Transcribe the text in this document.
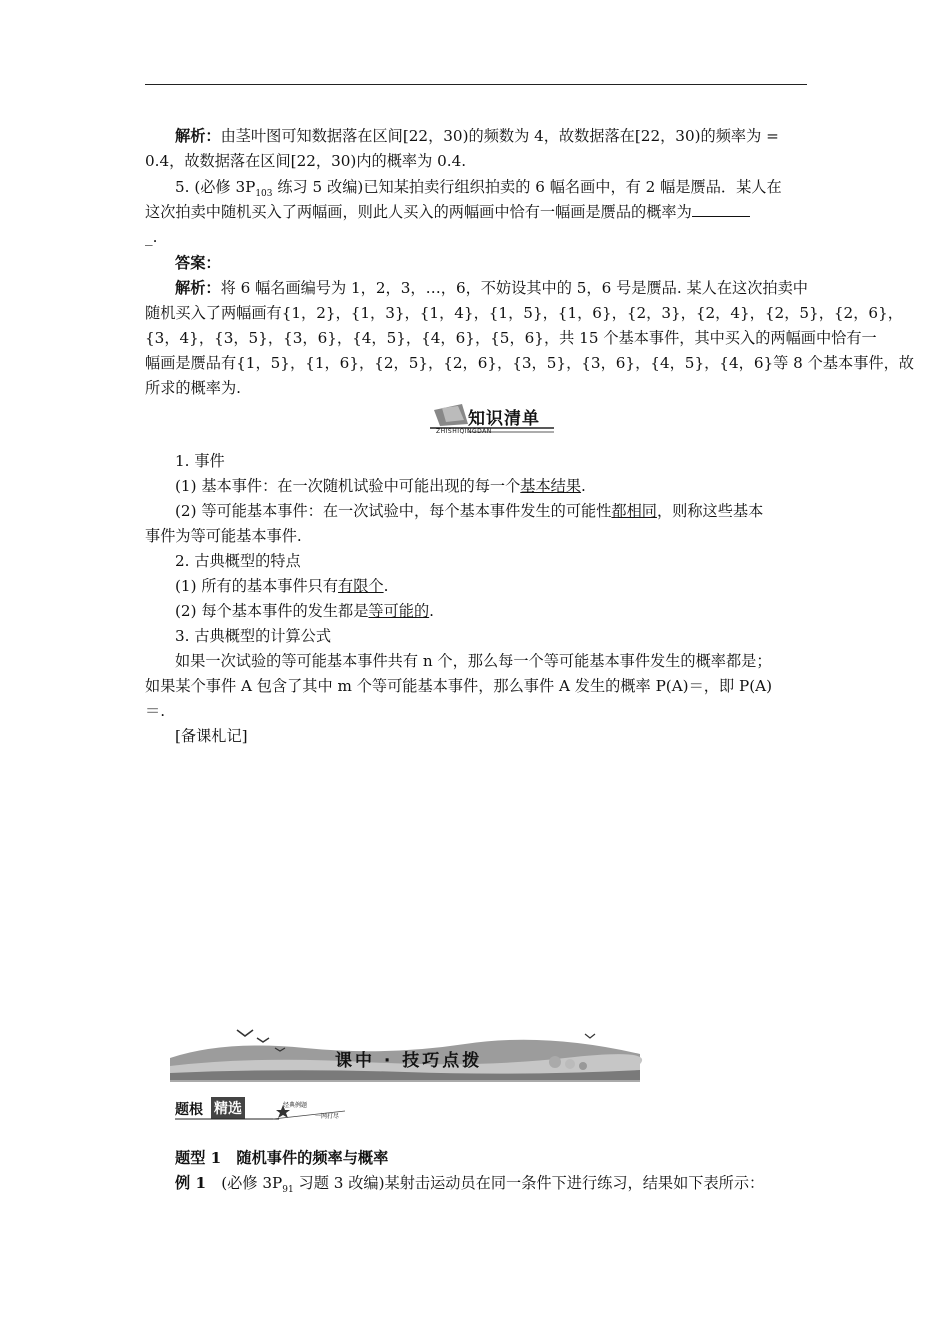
解析：由茎叶图可知数据落在区间[22，30)的频数为 4，故数据落在[22，30)的频率为 =
0.4，故数据落在区间[22，30)内的概率为 0.4.
5. (必修 $3P_{103}$ 练习 5 改编)已知某拍卖行组织拍卖的 6 幅名画中，有 2 幅是赝品．某人在
这次拍卖中随机买入了两幅画，则此人买入的两幅画中恰有一幅画是赝品的概率为
_.
答案：
解析：将 6 幅名画编号为 1，2，3，…，6，不妨设其中的 5，6 号是赝品. 某人在这次拍卖中
随机买入了两幅画有{1，2}，{1，3}，{1，4}，{1，5}，{1，6}，{2，3}，{2，4}，{2，5}，{2，6}，
{3，4}，{3，5}，{3，6}，{4，5}，{4，6}，{5，6}，共 15 个基本事件，其中买入的两幅画中恰有一
幅画是赝品有{1，5}，{1，6}，{2，5}，{2，6}，{3，5}，{3，6}，{4，5}，{4，6}等 8 个基本事件，故
所求的概率为.
知识清单
ZHISHIQINGDAN
1. 事件
(1) 基本事件：在一次随机试验中可能出现的每一个基本结果.
(2) 等可能基本事件：在一次试验中，每个基本事件发生的可能性都相同，则称这些基本
事件为等可能基本事件.
2. 古典概型的特点
(1) 所有的基本事件只有有限个.
(2) 每个基本事件的发生都是等可能的.
3. 古典概型的计算公式
如果一次试验的等可能基本事件共有 n 个，那么每一个等可能基本事件发生的概率都是；
如果某个事件 A 包含了其中 m 个等可能基本事件，那么事件 A 发生的概率 P(A)＝，即 P(A)
＝.
[备课札记]
课中 · 技巧点拨
题根 精选	经典例题
一网打尽
题型 1　随机事件的频率与概率
例 1　(必修 $3P_{91}$ 习题 3 改编)某射击运动员在同一条件下进行练习，结果如下表所示：
